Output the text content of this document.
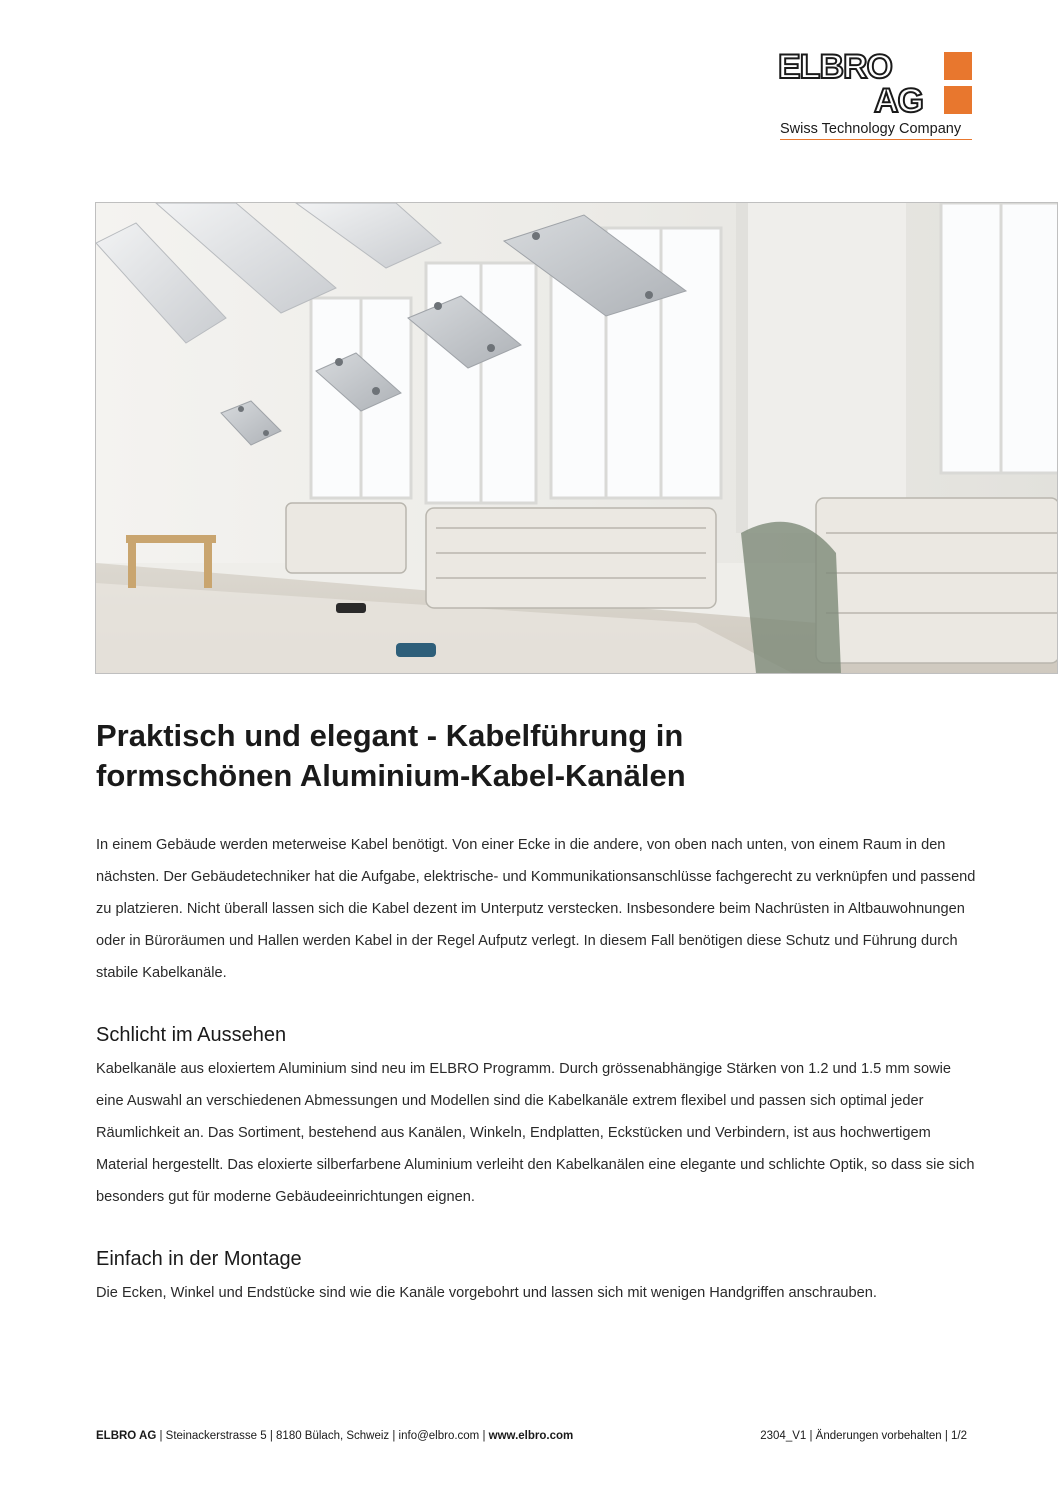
ELBRO
AG
Swiss Technology Company
Praktisch und elegant - Kabelführung in
formschönen Aluminium-Kabel-Kanälen

In einem Gebäude werden meterweise Kabel benötigt. Von einer Ecke in die andere, von oben nach unten, von einem Raum in den nächsten. Der Gebäudetechniker hat die Aufgabe, elektrische- und Kommunikationsanschlüsse fachgerecht zu verknüpfen und passend zu platzieren. Nicht überall lassen sich die Kabel dezent im Unterputz verstecken. Insbesondere beim Nachrüsten in Altbauwohnungen oder in Büroräumen und Hallen werden Kabel in der Regel Aufputz verlegt. In diesem Fall benötigen diese Schutz und Führung durch stabile Kabelkanäle.

Schlicht im Aussehen

Kabelkanäle aus eloxiertem Aluminium sind neu im ELBRO Programm. Durch grössenabhängige Stärken von 1.2 und 1.5 mm sowie eine Auswahl an verschiedenen Abmessungen und Modellen sind die Kabelkanäle extrem flexibel und passen sich optimal jeder Räumlichkeit an. Das Sortiment, bestehend aus Kanälen, Winkeln, Endplatten, Eckstücken und Verbindern, ist aus hochwertigem Material hergestellt. Das eloxierte silberfarbene Aluminium verleiht den Kabelkanälen eine elegante und schlichte Optik, so dass sie sich besonders gut für moderne Gebäudeeinrichtungen eignen.

Einfach in der Montage

Die Ecken, Winkel und Endstücke sind wie die Kanäle vorgebohrt und lassen sich mit wenigen Handgriffen anschrauben.

ELBRO AG | Steinackerstrasse 5 | 8180 Bülach, Schweiz | info@elbro.com | www.elbro.com	2304_V1 | Änderungen vorbehalten | 1/2
